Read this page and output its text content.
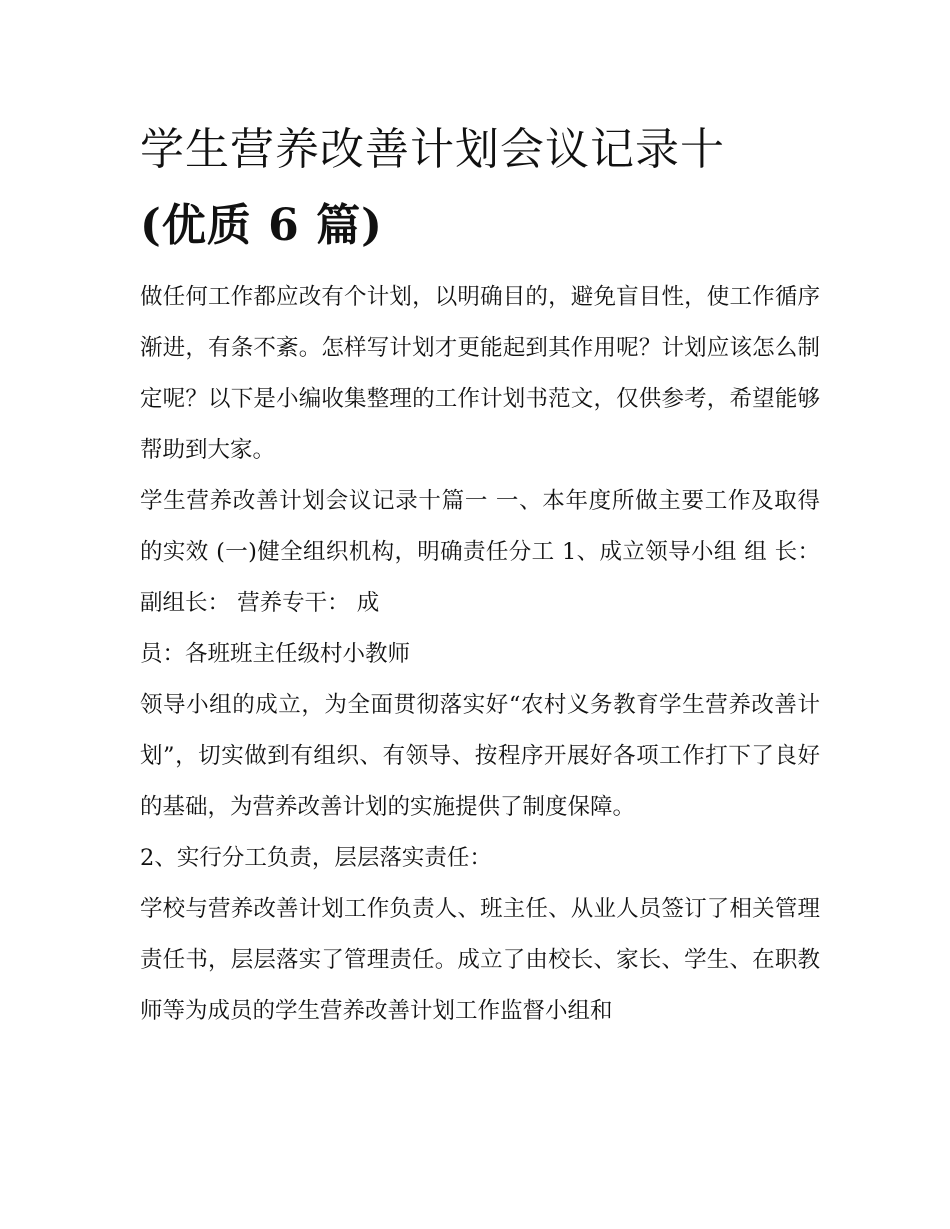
学生营养改善计划会议记录十
(优质 6 篇)

做任何工作都应改有个计划，以明确目的，避免盲目性，使工作循序渐进，有条不紊。怎样写计划才更能起到其作用呢？计划应该怎么制定呢？以下是小编收集整理的工作计划书范文，仅供参考，希望能够帮助到大家。

学生营养改善计划会议记录十篇一 一、本年度所做主要工作及取得的实效 (一)健全组织机构，明确责任分工 1、成立领导小组 组 长： 副组长： 营养专干： 成

员：各班班主任级村小教师

领导小组的成立，为全面贯彻落实好“农村义务教育学生营养改善计划”，切实做到有组织、有领导、按程序开展好各项工作打下了良好的基础，为营养改善计划的实施提供了制度保障。

2、实行分工负责，层层落实责任：

学校与营养改善计划工作负责人、班主任、从业人员签订了相关管理责任书，层层落实了管理责任。成立了由校长、家长、学生、在职教师等为成员的学生营养改善计划工作监督小组和
